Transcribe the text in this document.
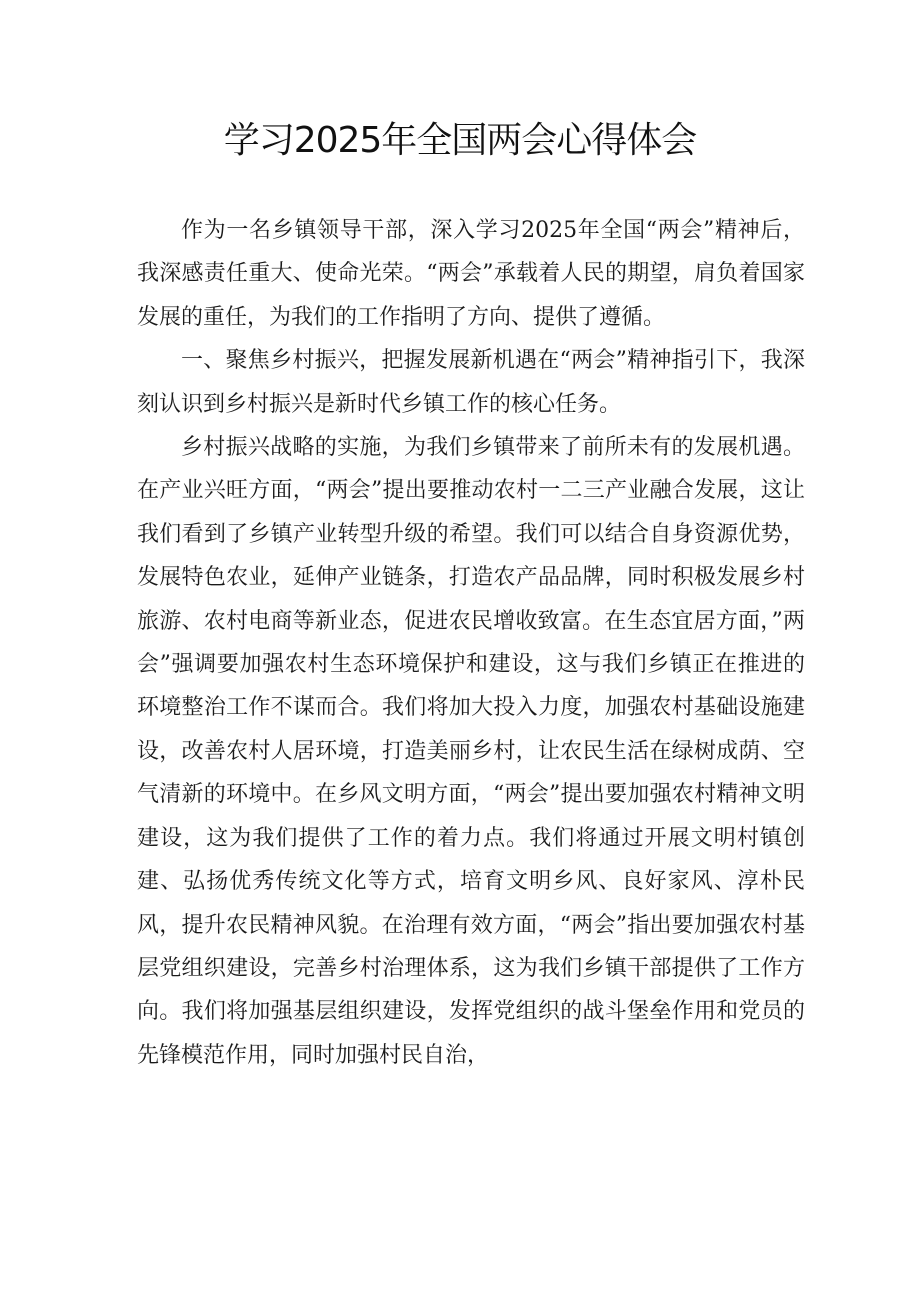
学习2025年全国两会心得体会

作为一名乡镇领导干部，深入学习2025年全国“两会”精神后，我深感责任重大、使命光荣。“两会”承载着人民的期望，肩负着国家发展的重任，为我们的工作指明了方向、提供了遵循。

一、聚焦乡村振兴，把握发展新机遇在“两会”精神指引下，我深刻认识到乡村振兴是新时代乡镇工作的核心任务。

乡村振兴战略的实施，为我们乡镇带来了前所未有的发展机遇。在产业兴旺方面，“两会”提出要推动农村一二三产业融合发展，这让我们看到了乡镇产业转型升级的希望。我们可以结合自身资源优势，发展特色农业，延伸产业链条，打造农产品品牌，同时积极发展乡村旅游、农村电商等新业态，促进农民增收致富。在生态宜居方面，”两会”强调要加强农村生态环境保护和建设，这与我们乡镇正在推进的环境整治工作不谋而合。我们将加大投入力度，加强农村基础设施建设，改善农村人居环境，打造美丽乡村，让农民生活在绿树成荫、空气清新的环境中。在乡风文明方面，“两会”提出要加强农村精神文明建设，这为我们提供了工作的着力点。我们将通过开展文明村镇创建、弘扬优秀传统文化等方式，培育文明乡风、良好家风、淳朴民风，提升农民精神风貌。在治理有效方面，“两会”指出要加强农村基层党组织建设，完善乡村治理体系，这为我们乡镇干部提供了工作方向。我们将加强基层组织建设，发挥党组织的战斗堡垒作用和党员的先锋模范作用，同时加强村民自治，
